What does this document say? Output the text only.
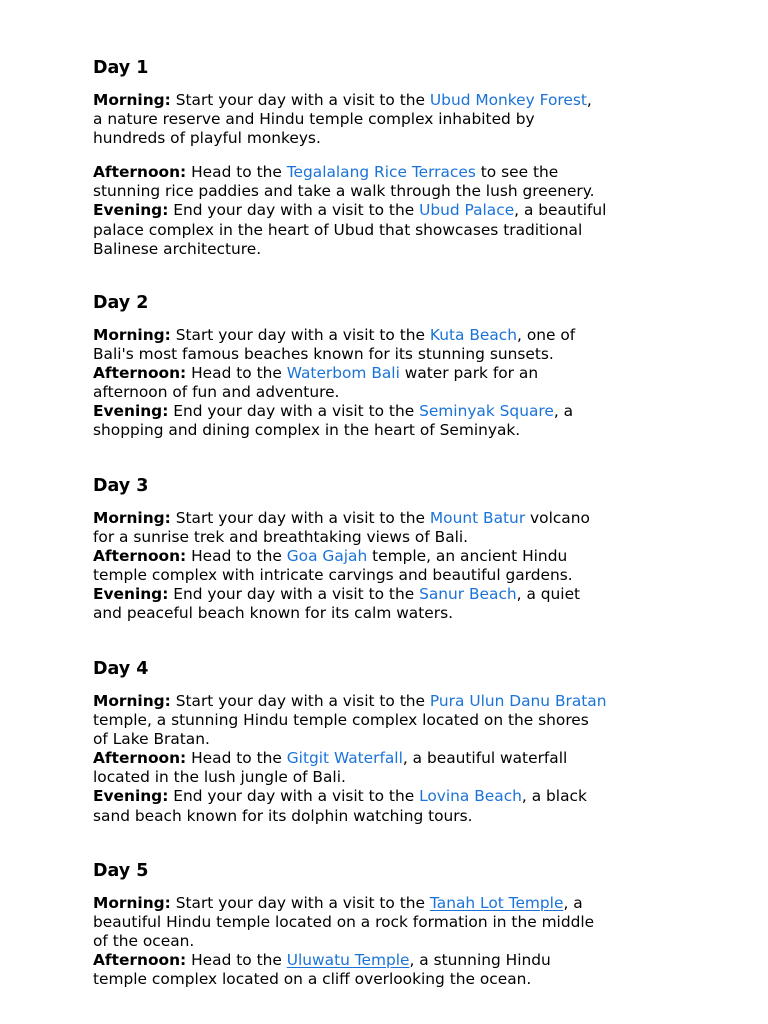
Day 1

Morning: Start your day with a visit to the Ubud Monkey Forest,
a nature reserve and Hindu temple complex inhabited by
hundreds of playful monkeys.

Afternoon: Head to the Tegalalang Rice Terraces to see the
stunning rice paddies and take a walk through the lush greenery.

Evening: End your day with a visit to the Ubud Palace, a beautiful
palace complex in the heart of Ubud that showcases traditional
Balinese architecture.

Day 2

Morning: Start your day with a visit to the Kuta Beach, one of
Bali's most famous beaches known for its stunning sunsets.

Afternoon: Head to the Waterbom Bali water park for an
afternoon of fun and adventure.

Evening: End your day with a visit to the Seminyak Square, a
shopping and dining complex in the heart of Seminyak.

Day 3

Morning: Start your day with a visit to the Mount Batur volcano
for a sunrise trek and breathtaking views of Bali.

Afternoon: Head to the Goa Gajah temple, an ancient Hindu
temple complex with intricate carvings and beautiful gardens.

Evening: End your day with a visit to the Sanur Beach, a quiet
and peaceful beach known for its calm waters.

Day 4

Morning: Start your day with a visit to the Pura Ulun Danu Bratan
temple, a stunning Hindu temple complex located on the shores
of Lake Bratan.

Afternoon: Head to the Gitgit Waterfall, a beautiful waterfall
located in the lush jungle of Bali.

Evening: End your day with a visit to the Lovina Beach, a black
sand beach known for its dolphin watching tours.

Day 5

Morning: Start your day with a visit to the Tanah Lot Temple, a
beautiful Hindu temple located on a rock formation in the middle
of the ocean.

Afternoon: Head to the Uluwatu Temple, a stunning Hindu
temple complex located on a cliff overlooking the ocean.
